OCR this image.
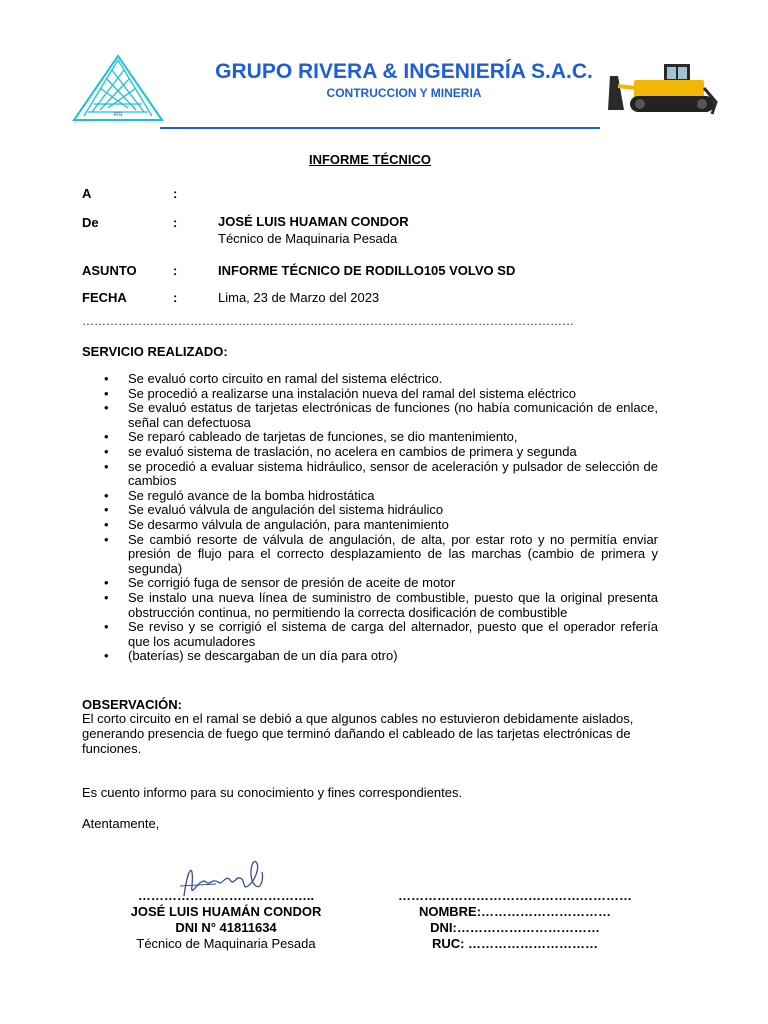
RIG
GRUPO RIVERA & INGENIERÍA S.A.C.
CONTRUCCION Y MINERIA
INFORME TÉCNICO
A	:
De	:	JOSÉ LUIS HUAMAN CONDOR
Técnico de Maquinaria Pesada
ASUNTO	:	INFORME TÉCNICO DE RODILLO105 VOLVO SD
FECHA	:	Lima, 23 de Marzo del 2023
……………………………………………………………………………………………………………
SERVICIO REALIZADO:
• Se evaluó corto circuito en ramal del sistema eléctrico.
• Se procedió a realizarse una instalación nueva del ramal del sistema eléctrico
• Se evaluó estatus de tarjetas electrónicas de funciones (no había comunicación de enlace, señal can defectuosa
• Se reparó cableado de tarjetas de funciones, se dio mantenimiento,
• se evaluó sistema de traslación, no acelera en cambios de primera y segunda
• se procedió a evaluar sistema hidráulico, sensor de aceleración y pulsador de selección de cambios
• Se reguló avance de la bomba hidrostática
• Se evaluó válvula de angulación del sistema hidráulico
• Se desarmo válvula de angulación, para mantenimiento
• Se cambió resorte de válvula de angulación, de alta, por estar roto y no permitía enviar presión de flujo para el correcto desplazamiento de las marchas (cambio de primera y segunda)
• Se corrigió fuga de sensor de presión de aceite de motor
• Se instalo una nueva línea de suministro de combustible, puesto que la original presenta obstrucción continua, no permitiendo la correcta dosificación de combustible
• Se reviso y se corrigió el sistema de carga del alternador, puesto que el operador refería que los acumuladores
• (baterías) se descargaban de un día para otro)
OBSERVACIÓN:
El corto circuito en el ramal se debió a que algunos cables no estuvieron debidamente aislados, generando presencia de fuego que terminó dañando el cableado de las tarjetas electrónicas de funciones.
Es cuento informo para su conocimiento y fines correspondientes.
Atentamente,
…………………………………..
JOSÉ LUIS HUAMÁN CONDOR
DNI N° 41811634
Técnico de Maquinaria Pesada
………………………………………………
NOMBRE:…………………………
DNI:……………………………
RUC: …………………………
